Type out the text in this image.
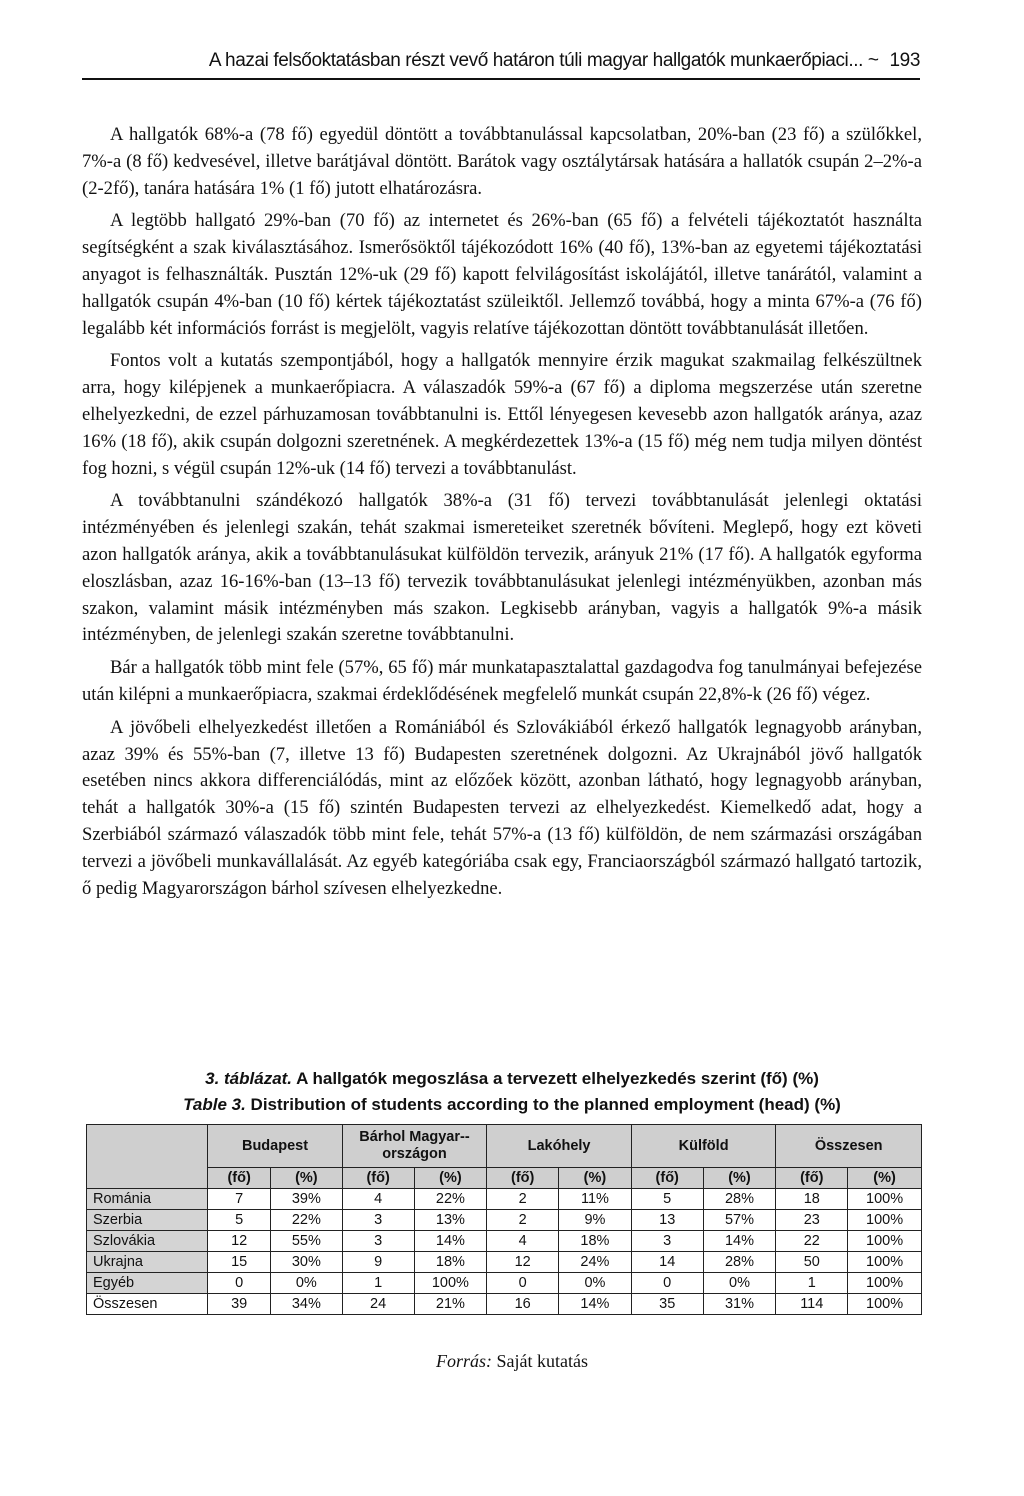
A hazai felsőoktatásban részt vevő határon túli magyar hallgatók munkaerőpiaci... ~ 193

A hallgatók 68%-a (78 fő) egyedül döntött a továbbtanulással kapcsolatban, 20%-ban (23 fő) a szülőkkel, 7%-a (8 fő) kedvesével, illetve barátjával döntött. Barátok vagy osztálytársak hatására a hallatók csupán 2–2%-a (2-2fő), tanára hatására 1% (1 fő) jutott elhatározásra.

A legtöbb hallgató 29%-ban (70 fő) az internetet és 26%-ban (65 fő) a felvételi tájékoztatót használta segítségként a szak kiválasztásához. Ismerősöktől tájékozódott 16% (40 fő), 13%-ban az egyetemi tájékoztatási anyagot is felhasználták. Pusztán 12%-uk (29 fő) kapott felvilágosítást iskolájától, illetve tanárától, valamint a hallgatók csupán 4%-ban (10 fő) kértek tájékoztatást szüleiktől. Jellemző továbbá, hogy a minta 67%-a (76 fő) legalább két információs forrást is megjelölt, vagyis relatíve tájékozottan döntött továbbtanulását illetően.

Fontos volt a kutatás szempontjából, hogy a hallgatók mennyire érzik magukat szakmailag felkészültnek arra, hogy kilépjenek a munkaerőpiacra. A válaszadók 59%-a (67 fő) a diploma megszerzése után szeretne elhelyezkedni, de ezzel párhuzamosan továbbtanulni is. Ettől lényegesen kevesebb azon hallgatók aránya, azaz 16% (18 fő), akik csupán dolgozni szeretnének. A megkérdezettek 13%-a (15 fő) még nem tudja milyen döntést fog hozni, s végül csupán 12%-uk (14 fő) tervezi a továbbtanulást.

A továbbtanulni szándékozó hallgatók 38%-a (31 fő) tervezi továbbtanulását jelenlegi oktatási intézményében és jelenlegi szakán, tehát szakmai ismereteiket szeretnék bővíteni. Meglepő, hogy ezt követi azon hallgatók aránya, akik a továbbtanulásukat külföldön tervezik, arányuk 21% (17 fő). A hallgatók egyforma eloszlásban, azaz 16-16%-ban (13–13 fő) tervezik továbbtanulásukat jelenlegi intézményükben, azonban más szakon, valamint másik intézményben más szakon. Legkisebb arányban, vagyis a hallgatók 9%-a másik intézményben, de jelenlegi szakán szeretne továbbtanulni.

Bár a hallgatók több mint fele (57%, 65 fő) már munkatapasztalattal gazdagodva fog tanulmányai befejezése után kilépni a munkaerőpiacra, szakmai érdeklődésének megfelelő munkát csupán 22,8%-k (26 fő) végez.

A jövőbeli elhelyezkedést illetően a Romániából és Szlovákiából érkező hallgatók legnagyobb arányban, azaz 39% és 55%-ban (7, illetve 13 fő) Budapesten szeretnének dolgozni. Az Ukrajnából jövő hallgatók esetében nincs akkora differenciálódás, mint az előzőek között, azonban látható, hogy legnagyobb arányban, tehát a hallgatók 30%-a (15 fő) szintén Budapesten tervezi az elhelyezkedést. Kiemelkedő adat, hogy a Szerbiából származó válaszadók több mint fele, tehát 57%-a (13 fő) külföldön, de nem származási országában tervezi a jövőbeli munkavállalását. Az egyéb kategóriába csak egy, Franciaországból származó hallgató tartozik, ő pedig Magyarországon bárhol szívesen elhelyezkedne.

3. táblázat. A hallgatók megoszlása a tervezett elhelyezkedés szerint (fő) (%)
Table 3. Distribution of students according to the planned employment (head) (%)
	Budapest		Bárhol Magyar-országon		Lakóhely		Külföld		Összesen	
	(fő)	(%)	(fő)	(%)	(fő)	(%)	(fő)	(%)	(fő)	(%)
Románia	7	39%	4	22%	2	11%	5	28%	18	100%
Szerbia	5	22%	3	13%	2	9%	13	57%	23	100%
Szlovákia	12	55%	3	14%	4	18%	3	14%	22	100%
Ukrajna	15	30%	9	18%	12	24%	14	28%	50	100%
Egyéb	0	0%	1	100%	0	0%	0	0%	1	100%
Összesen	39	34%	24	21%	16	14%	35	31%	114	100%
Forrás: Saját kutatás
